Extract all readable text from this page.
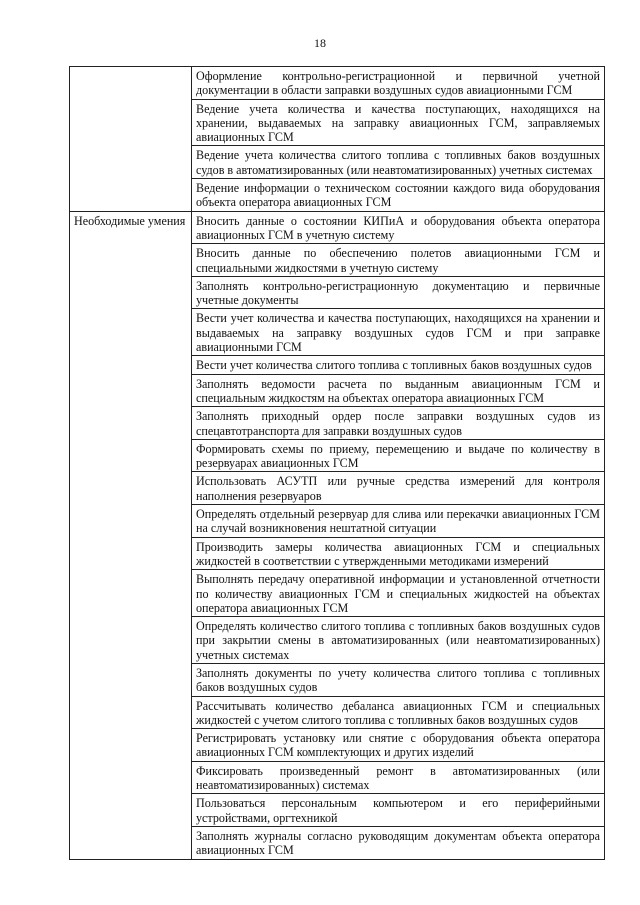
18
	Оформление контрольно-регистрационной и первичной учетной документации в области заправки воздушных судов авиационными ГСМ
	Ведение учета количества и качества поступающих, находящихся на хранении, выдаваемых на заправку авиационных ГСМ, заправляемых авиационных ГСМ
	Ведение учета количества слитого топлива с топливных баков воздушных судов в автоматизированных (или неавтоматизированных) учетных системах
	Ведение информации о техническом состоянии каждого вида оборудования объекта оператора авиационных ГСМ

Необходимые умения	Вносить данные о состоянии КИПиА и оборудования объекта оператора авиационных ГСМ в учетную систему
	Вносить данные по обеспечению полетов авиационными ГСМ и специальными жидкостями в учетную систему
	Заполнять контрольно-регистрационную документацию и первичные учетные документы
	Вести учет количества и качества поступающих, находящихся на хранении и выдаваемых на заправку воздушных судов ГСМ и при заправке авиационными ГСМ
	Вести учет количества слитого топлива с топливных баков воздушных судов
	Заполнять ведомости расчета по выданным авиационным ГСМ и специальным жидкостям на объектах оператора авиационных ГСМ
	Заполнять приходный ордер после заправки воздушных судов из спецавтотранспорта для заправки воздушных судов
	Формировать схемы по приему, перемещению и выдаче по количеству в резервуарах авиационных ГСМ
	Использовать АСУТП или ручные средства измерений для контроля наполнения резервуаров
	Определять отдельный резервуар для слива или перекачки авиационных ГСМ на случай возникновения нештатной ситуации
	Производить замеры количества авиационных ГСМ и специальных жидкостей в соответствии с утвержденными методиками измерений
	Выполнять передачу оперативной информации и установленной отчетности по количеству авиационных ГСМ и специальных жидкостей на объектах оператора авиационных ГСМ
	Определять количество слитого топлива с топливных баков воздушных судов при закрытии смены в автоматизированных (или неавтоматизированных) учетных системах
	Заполнять документы по учету количества слитого топлива с топливных баков воздушных судов
	Рассчитывать количество дебаланса авиационных ГСМ и специальных жидкостей с учетом слитого топлива с топливных баков воздушных судов
	Регистрировать установку или снятие с оборудования объекта оператора авиационных ГСМ комплектующих и других изделий
	Фиксировать произведенный ремонт в автоматизированных (или неавтоматизированных) системах
	Пользоваться персональным компьютером и его периферийными устройствами, оргтехникой
	Заполнять журналы согласно руководящим документам объекта оператора авиационных ГСМ
